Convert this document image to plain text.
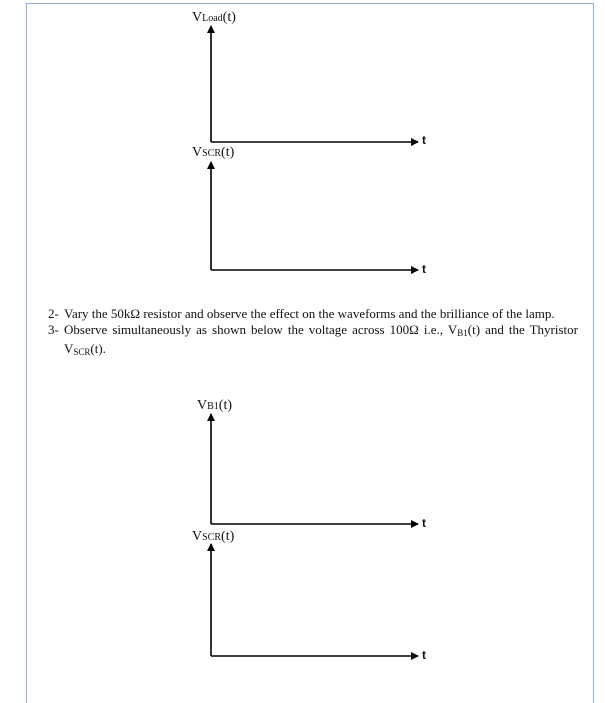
VLoad(t)
t
VSCR(t)
t
2- Vary the 50kΩ resistor and observe the effect on the waveforms and the brilliance of the lamp.
3- Observe simultaneously as shown below the voltage across 100Ω i.e., $V_{B1}(t)$ and the Thyristor $V_{SCR}(t)$.
VB1(t)
t
VSCR(t)
t
